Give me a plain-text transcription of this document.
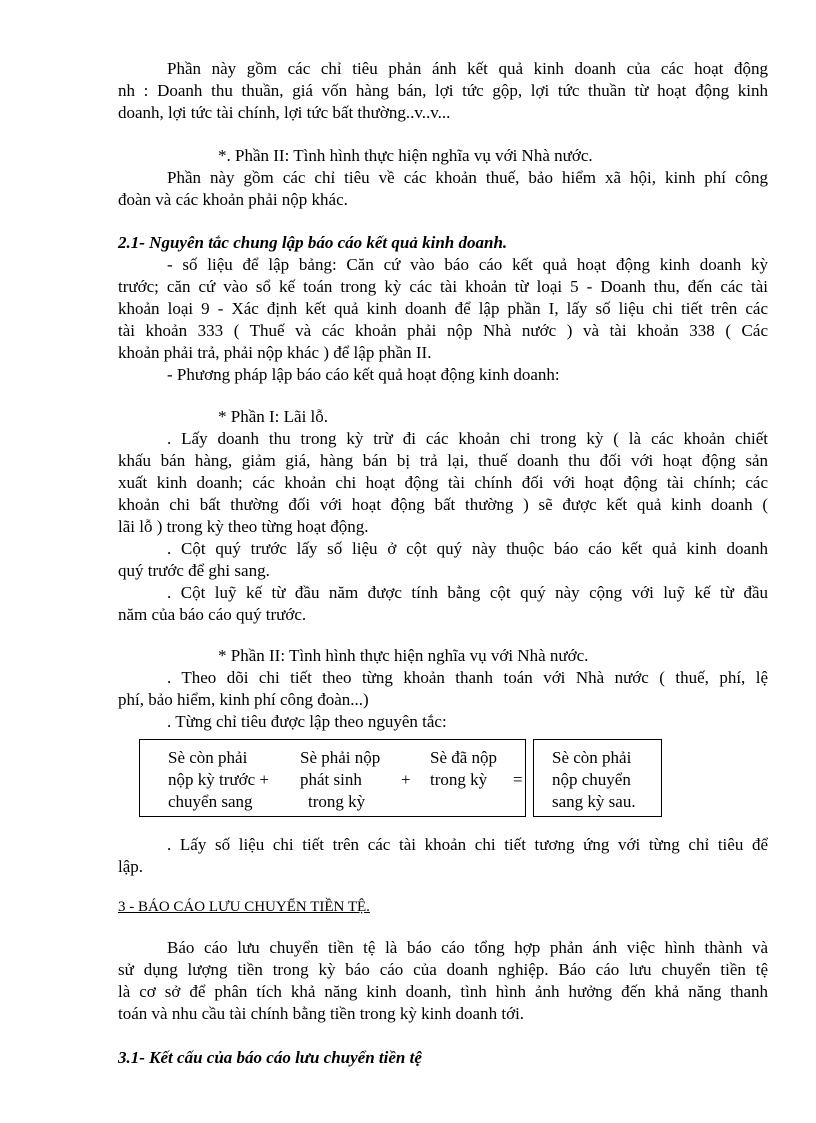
Phần này gồm các chỉ tiêu phản ánh kết quả kinh doanh của các hoạt động
nh : Doanh thu thuần, giá vốn hàng bán, lợi tức gộp, lợi tức thuần từ hoạt động kinh
doanh, lợi tức tài chính, lợi tức bất thường..v..v...
*. Phần II: Tình hình thực hiện nghĩa vụ với Nhà nước.
Phần này gồm các chỉ tiêu về các khoản thuế, bảo hiểm xã hội, kinh phí công
đoàn và các khoản phải nộp khác.
2.1- Nguyên tắc chung lập báo cáo kết quả kinh doanh.
- số liệu để lập bảng: Căn cứ vào báo cáo kết quả hoạt động kinh doanh kỳ
trước; căn cứ vào sổ kế toán trong kỳ các tài khoản từ loại 5 - Doanh thu, đến các tài
khoản loại 9 - Xác định kết quả kinh doanh để lập phần I, lấy số liệu chi tiết trên các
tài khoản 333 ( Thuế và các khoản phải nộp Nhà nước ) và tài khoản 338 ( Các
khoản phải trả, phải nộp khác ) để lập phần II.
- Phương pháp lập báo cáo kết quả hoạt động kinh doanh:
* Phần I: Lãi lỗ.
. Lấy doanh thu trong kỳ trừ đi các khoản chi trong kỳ ( là các khoản chiết
khấu bán hàng, giảm giá, hàng bán bị trả lại, thuế doanh thu đối với hoạt động sản
xuất kinh doanh; các khoản chi hoạt động tài chính đối với hoạt động tài chính; các
khoản chi bất thường đối với hoạt động bất thường ) sẽ được kết quả kinh doanh (
lãi lỗ ) trong kỳ theo từng hoạt động.
. Cột quý trước lấy số liệu ở cột quý này thuộc báo cáo kết quả kinh doanh
quý trước để ghi sang.
. Cột luỹ kế từ đầu năm được tính bằng cột quý này cộng với luỹ kế từ đầu
năm của báo cáo quý trước.
* Phần II: Tình hình thực hiện nghĩa vụ với Nhà nước.
. Theo dõi chi tiết theo từng khoản thanh toán với Nhà nước ( thuế, phí, lệ
phí, bảo hiểm, kinh phí công đoàn...)
. Từng chỉ tiêu được lập theo nguyên tắc:
Sè còn phải
nộp kỳ trước +
chuyển sang
Sè phải nộp
phát sinh
trong kỳ
+
Sè đã nộp
trong kỳ =
Sè còn phải
nộp chuyển
sang kỳ sau.
. Lấy số liệu chi tiết trên các tài khoản chi tiết tương ứng với từng chỉ tiêu để
lập.
3 - BÁO CÁO LƯU CHUYỂN TIỀN TỆ.
Báo cáo lưu chuyển tiền tệ là báo cáo tổng hợp phản ánh việc hình thành và
sử dụng lượng tiền trong kỳ báo cáo của doanh nghiệp. Báo cáo lưu chuyển tiền tệ
là cơ sở để phân tích khả năng kinh doanh, tình hình ảnh hưởng đến khả năng thanh
toán và nhu cầu tài chính bằng tiền trong kỳ kinh doanh tới.
3.1- Kết cấu của báo cáo lưu chuyển tiền tệ
